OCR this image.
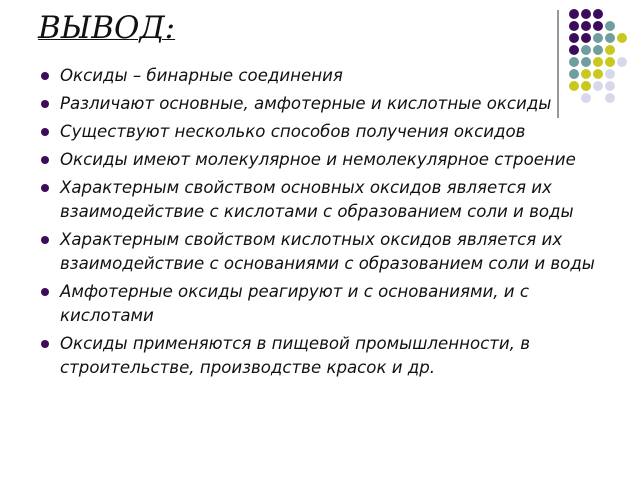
ВЫВОД:
Оксиды – бинарные соединения
Различают основные, амфотерные и кислотные оксиды
Существуют несколько способов получения оксидов
Оксиды имеют молекулярное и немолекулярное строение
Характерным свойством основных оксидов является их взаимодействие с кислотами с образованием соли и воды
Характерным свойством кислотных оксидов является их взаимодействие с основаниями с образованием соли и воды
Амфотерные оксиды реагируют и с основаниями, и с кислотами
Оксиды применяются в пищевой промышленности, в строительстве, производстве красок и др.
